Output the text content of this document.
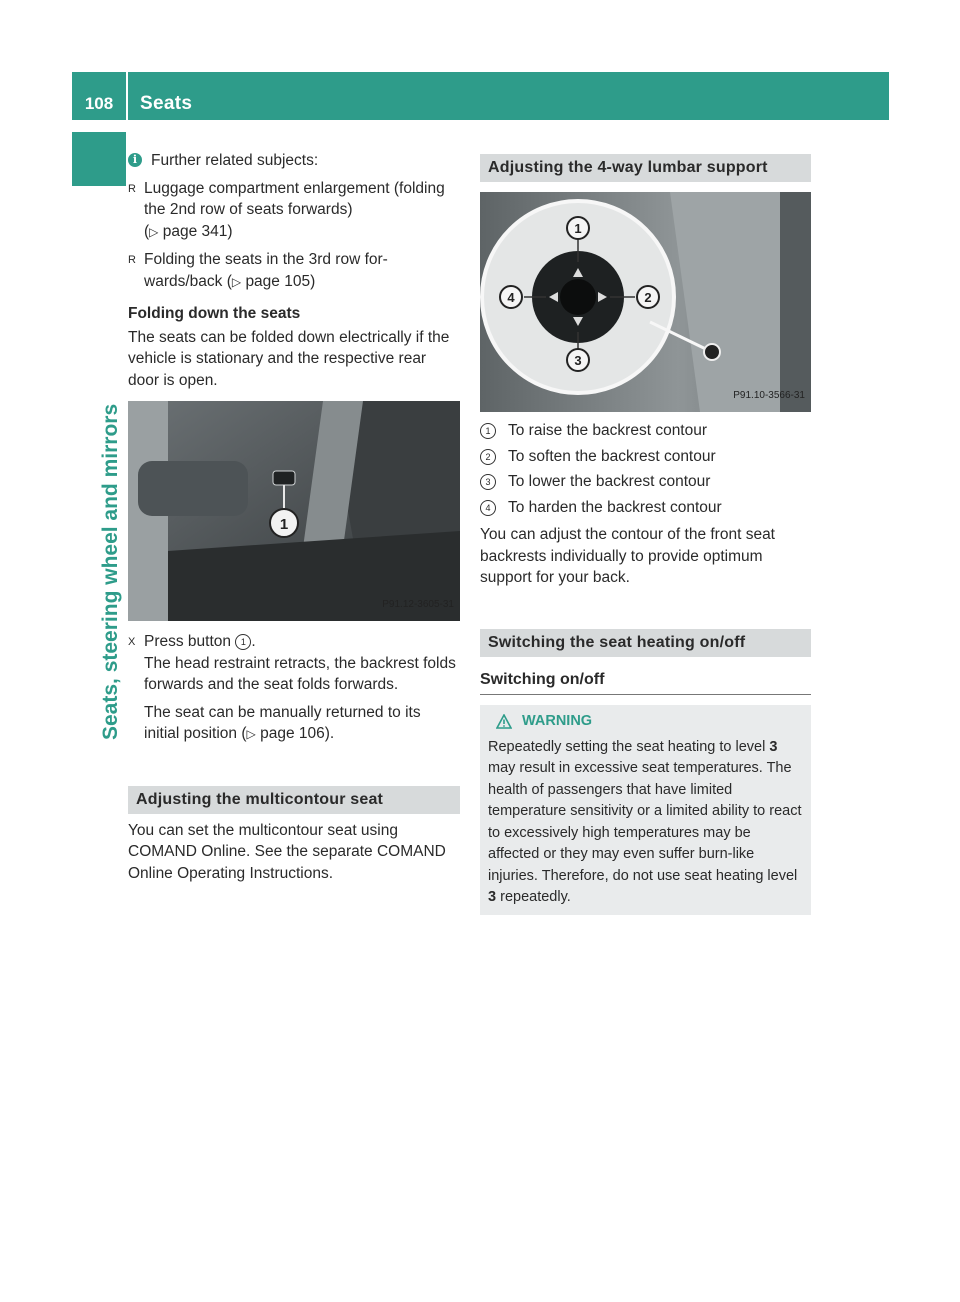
108	Seats
Seats, steering wheel and mirrors
i Further related subjects:
R Luggage compartment enlargement (folding the 2nd row of seats forwards)
(▷ page 341)
R Folding the seats in the 3rd row for-wards/back (▷ page 105)

Folding down the seats

The seats can be folded down electrically if the vehicle is stationary and the respective rear door is open.

1
P91.12-3605-31
X Press button 1 .
The head restraint retracts, the backrest folds forwards and the seat folds forwards.

The seat can be manually returned to its initial position (▷ page 106).

Adjusting the multicontour seat

You can set the multicontour seat using COMAND Online. See the separate COMAND Online Operating Instructions.

Adjusting the 4-way lumbar support
1
2
3
4
P91.10-3566-31
1	To raise the backrest contour
2	To soften the backrest contour
3	To lower the backrest contour
4	To harden the backrest contour

You can adjust the contour of the front seat backrests individually to provide optimum support for your back.

Switching the seat heating on/off
Switching on/off
WARNING

Repeatedly setting the seat heating to level 3 may result in excessive seat temperatures. The health of passengers that have limited temperature sensitivity or a limited ability to react to excessively high temperatures may be affected or they may even suffer burn-like injuries. Therefore, do not use seat heating level 3 repeatedly.
